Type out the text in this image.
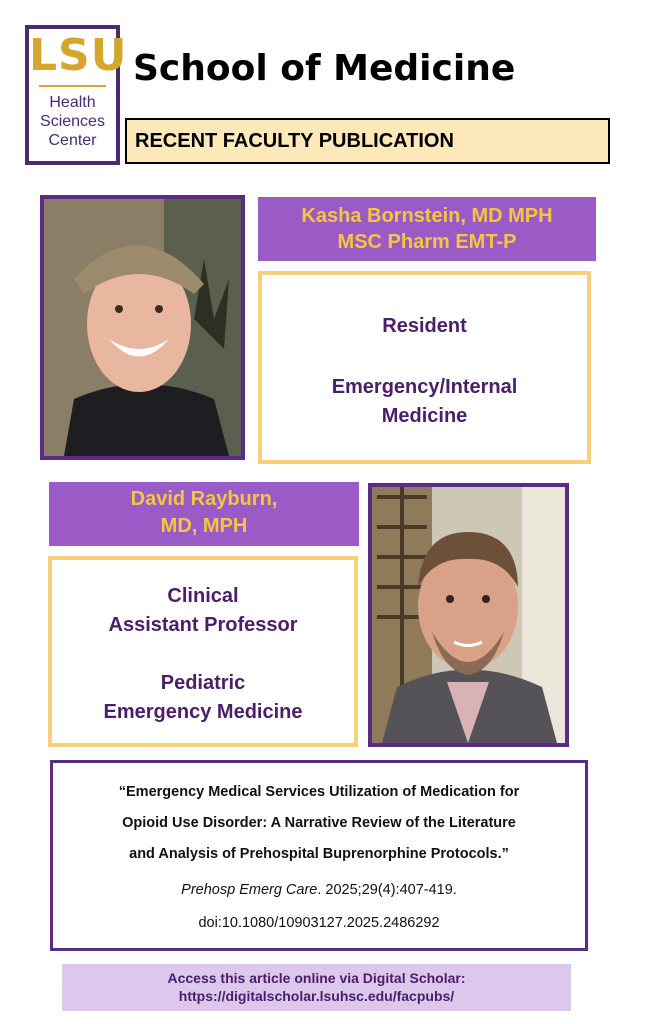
LSU
Health
Sciences
Center
School of Medicine
RECENT FACULTY PUBLICATION
Kasha Bornstein, MD MPH
MSC Pharm EMT-P

Resident

Emergency/Internal
Medicine

David Rayburn,
MD, MPH

Clinical
Assistant Professor

Pediatric
Emergency Medicine

“Emergency Medical Services Utilization of Medication for
Opioid Use Disorder: A Narrative Review of the Literature
and Analysis of Prehospital Buprenorphine Protocols.”
Prehosp Emerg Care. 2025;29(4):407-419.
doi:10.1080/10903127.2025.2486292
Access this article online via Digital Scholar:
https://digitalscholar.lsuhsc.edu/facpubs/
